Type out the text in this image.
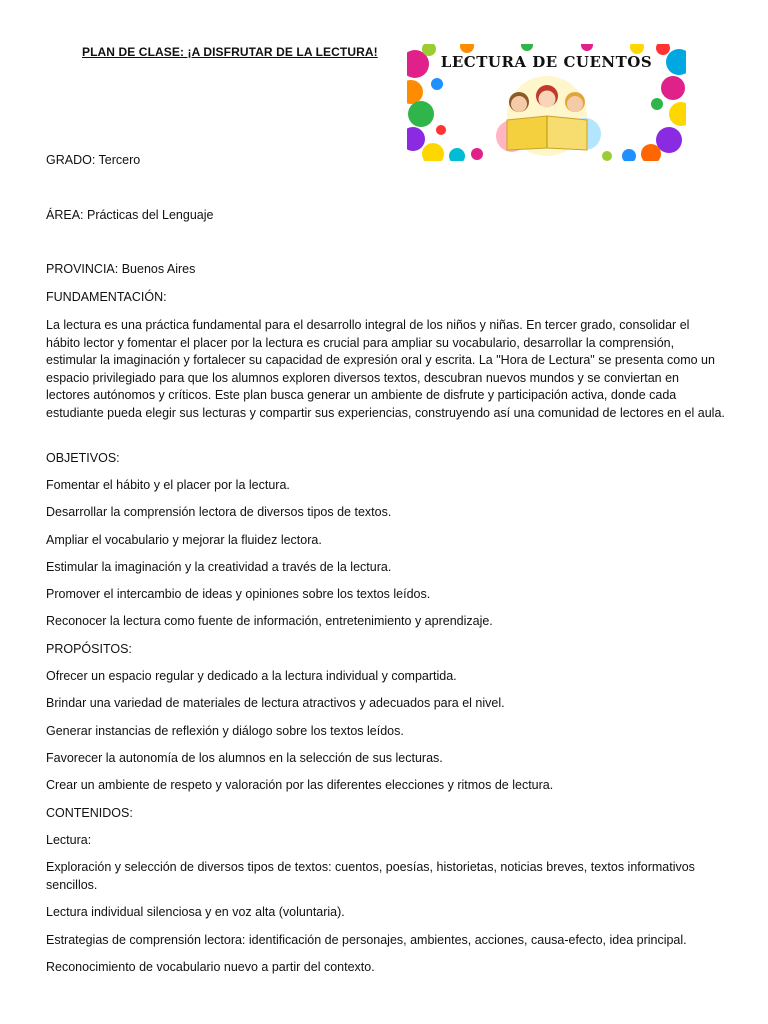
PLAN DE CLASE: ¡A DISFRUTAR DE LA LECTURA!
LECTURA DE CUENTOS
GRADO: Tercero
ÁREA: Prácticas del Lenguaje
PROVINCIA: Buenos Aires
FUNDAMENTACIÓN:
La lectura es una práctica fundamental para el desarrollo integral de los niños y niñas. En tercer grado, consolidar el hábito lector y fomentar el placer por la lectura es crucial para ampliar su vocabulario, desarrollar la comprensión, estimular la imaginación y fortalecer su capacidad de expresión oral y escrita. La "Hora de Lectura" se presenta como un espacio privilegiado para que los alumnos exploren diversos textos, descubran nuevos mundos y se conviertan en lectores autónomos y críticos. Este plan busca generar un ambiente de disfrute y participación activa, donde cada estudiante pueda elegir sus lecturas y compartir sus experiencias, construyendo así una comunidad de lectores en el aula.
OBJETIVOS:
Fomentar el hábito y el placer por la lectura.
Desarrollar la comprensión lectora de diversos tipos de textos.
Ampliar el vocabulario y mejorar la fluidez lectora.
Estimular la imaginación y la creatividad a través de la lectura.
Promover el intercambio de ideas y opiniones sobre los textos leídos.
Reconocer la lectura como fuente de información, entretenimiento y aprendizaje.
PROPÓSITOS:
Ofrecer un espacio regular y dedicado a la lectura individual y compartida.
Brindar una variedad de materiales de lectura atractivos y adecuados para el nivel.
Generar instancias de reflexión y diálogo sobre los textos leídos.
Favorecer la autonomía de los alumnos en la selección de sus lecturas.
Crear un ambiente de respeto y valoración por las diferentes elecciones y ritmos de lectura.
CONTENIDOS:
Lectura:
Exploración y selección de diversos tipos de textos: cuentos, poesías, historietas, noticias breves, textos informativos sencillos.
Lectura individual silenciosa y en voz alta (voluntaria).
Estrategias de comprensión lectora: identificación de personajes, ambientes, acciones, causa-efecto, idea principal.
Reconocimiento de vocabulario nuevo a partir del contexto.
